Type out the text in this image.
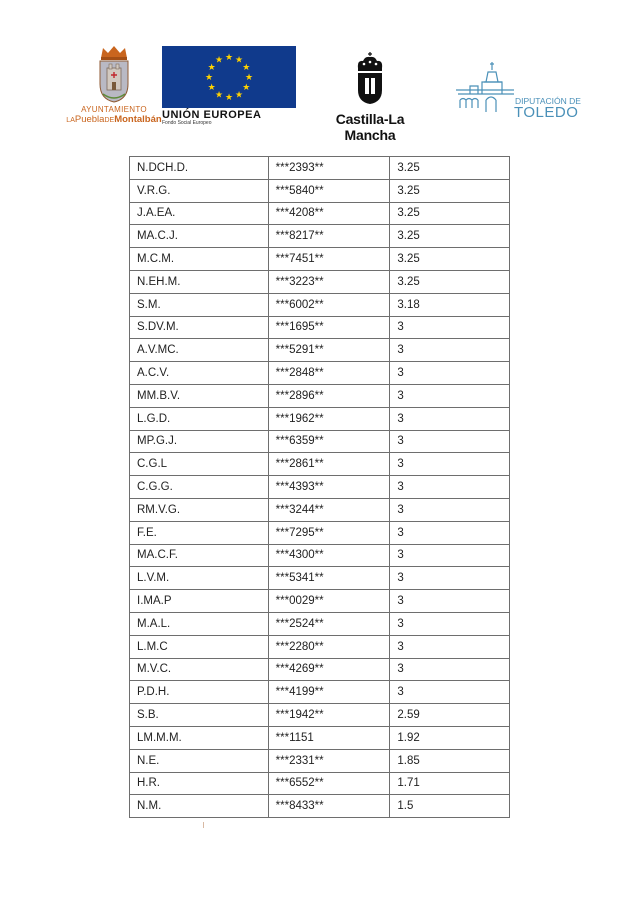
AYUNTAMIENTO
LAPueblaDEMontalbán
★ ★
★
★
★
★
★
★
★
★
★
★
UNIÓN EUROPEA
Fondo Social Europeo	Castilla-La Mancha
DIPUTACIÓN DE
TOLEDO
N.DCH.D.	***2393**	3.25
V.R.G.	***5840**	3.25
J.A.EA.	***4208**	3.25
MA.C.J.	***8217**	3.25
M.C.M.	***7451**	3.25
N.EH.M.	***3223**	3.25
S.M.	***6002**	3.18
S.DV.M.	***1695**	3
A.V.MC.	***5291**	3
A.C.V.	***2848**	3
MM.B.V.	***2896**	3
L.G.D.	***1962**	3
MP.G.J.	***6359**	3
C.G.L	***2861**	3
C.G.G.	***4393**	3
RM.V.G.	***3244**	3
F.E.	***7295**	3
MA.C.F.	***4300**	3
L.V.M.	***5341**	3
I.MA.P	***0029**	3
M.A.L.	***2524**	3
L.M.C	***2280**	3
M.V.C.	***4269**	3
P.D.H.	***4199**	3
S.B.	***1942**	2.59
LM.M.M.	***1151	1.92
N.E.	***2331**	1.85
H.R.	***6552**	1.71
N.M.	***8433**	1.5
